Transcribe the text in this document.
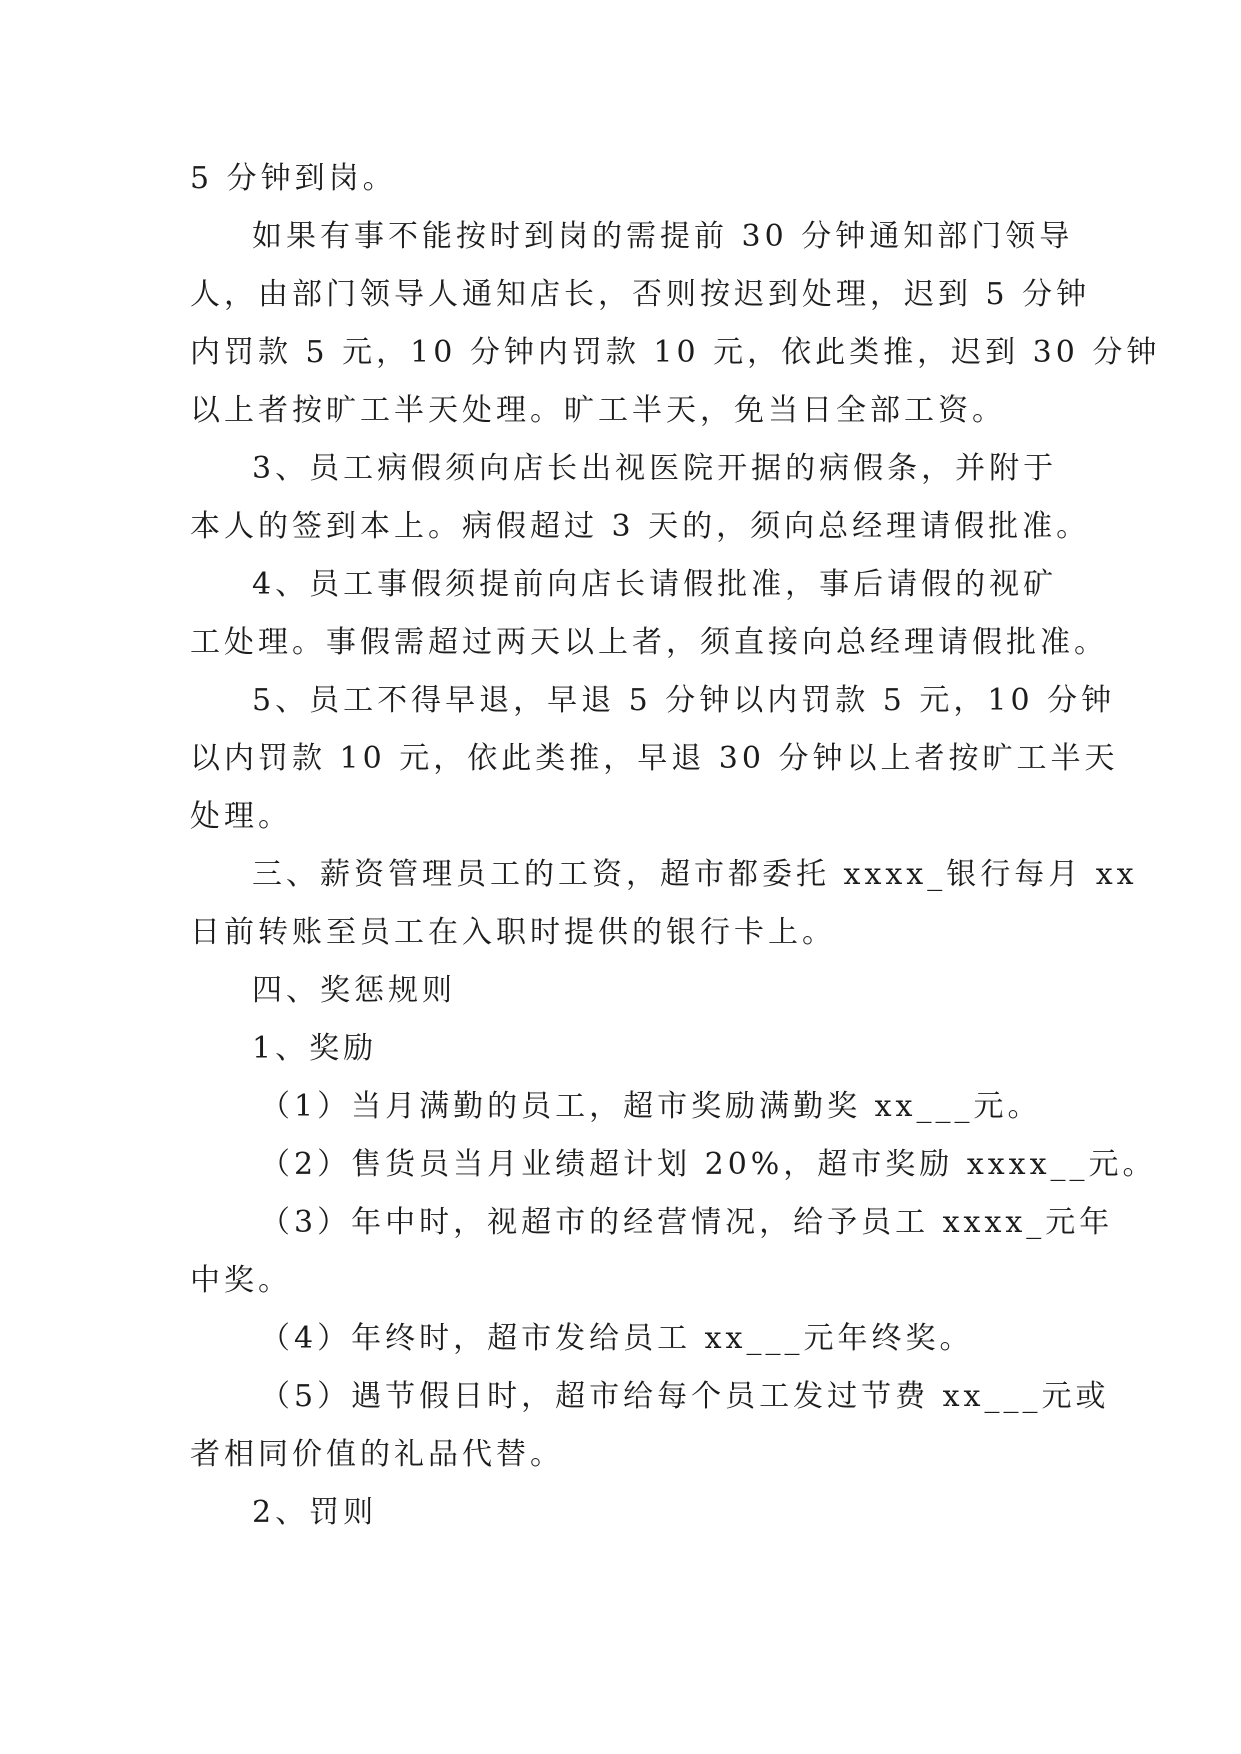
5 分钟到岗。
如果有事不能按时到岗的需提前 30 分钟通知部门领导
人，由部门领导人通知店长，否则按迟到处理，迟到 5 分钟
内罚款 5 元，10 分钟内罚款 10 元，依此类推，迟到 30 分钟
以上者按旷工半天处理。旷工半天，免当日全部工资。
3、员工病假须向店长出视医院开据的病假条，并附于
本人的签到本上。病假超过 3 天的，须向总经理请假批准。
4、员工事假须提前向店长请假批准，事后请假的视矿
工处理。事假需超过两天以上者，须直接向总经理请假批准。
5、员工不得早退，早退 5 分钟以内罚款 5 元，10 分钟
以内罚款 10 元，依此类推，早退 30 分钟以上者按旷工半天
处理。
三、薪资管理员工的工资，超市都委托 xxxx_银行每月 xx
日前转账至员工在入职时提供的银行卡上。
四、奖惩规则
1、奖励
（1）当月满勤的员工，超市奖励满勤奖 xx___元。
（2）售货员当月业绩超计划 20%，超市奖励 xxxx__元。
（3）年中时，视超市的经营情况，给予员工 xxxx_元年
中奖。
（4）年终时，超市发给员工 xx___元年终奖。
（5）遇节假日时，超市给每个员工发过节费 xx___元或
者相同价值的礼品代替。
2、罚则
